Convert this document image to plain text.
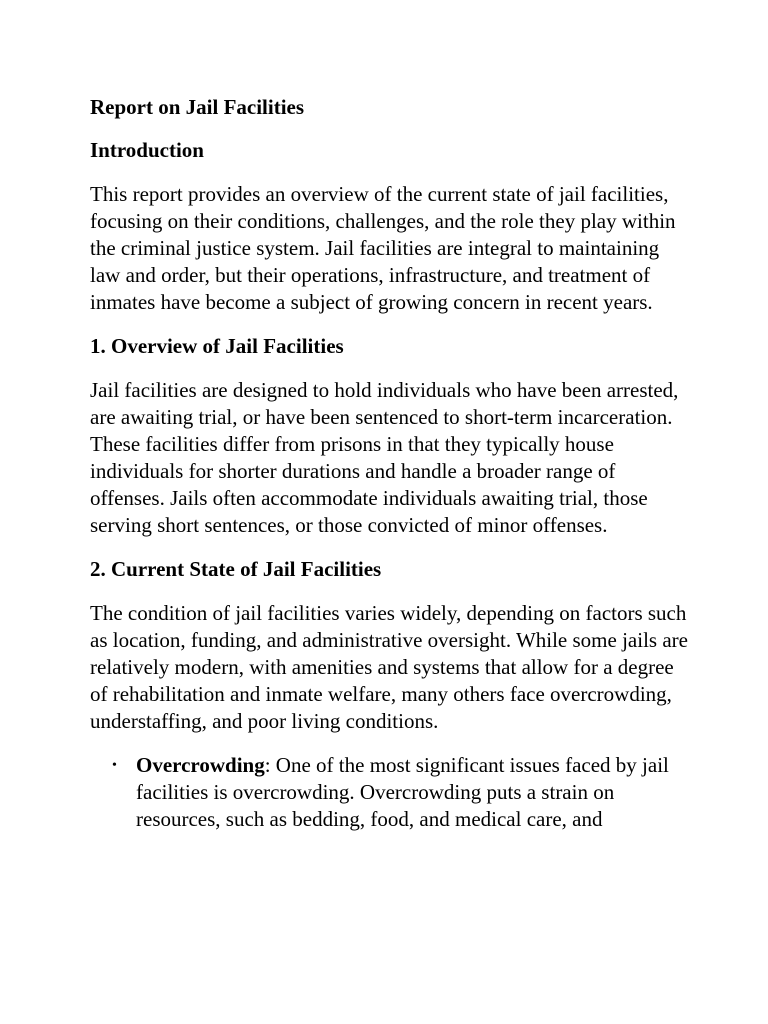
Report on Jail Facilities

Introduction

This report provides an overview of the current state of jail facilities, focusing on their conditions, challenges, and the role they play within the criminal justice system. Jail facilities are integral to maintaining law and order, but their operations, infrastructure, and treatment of inmates have become a subject of growing concern in recent years.

1. Overview of Jail Facilities

Jail facilities are designed to hold individuals who have been arrested, are awaiting trial, or have been sentenced to short-term incarceration. These facilities differ from prisons in that they typically house individuals for shorter durations and handle a broader range of offenses. Jails often accommodate individuals awaiting trial, those serving short sentences, or those convicted of minor offenses.

2. Current State of Jail Facilities

The condition of jail facilities varies widely, depending on factors such as location, funding, and administrative oversight. While some jails are relatively modern, with amenities and systems that allow for a degree of rehabilitation and inmate welfare, many others face overcrowding, understaffing, and poor living conditions.

• Overcrowding: One of the most significant issues faced by jail facilities is overcrowding. Overcrowding puts a strain on resources, such as bedding, food, and medical care, and
